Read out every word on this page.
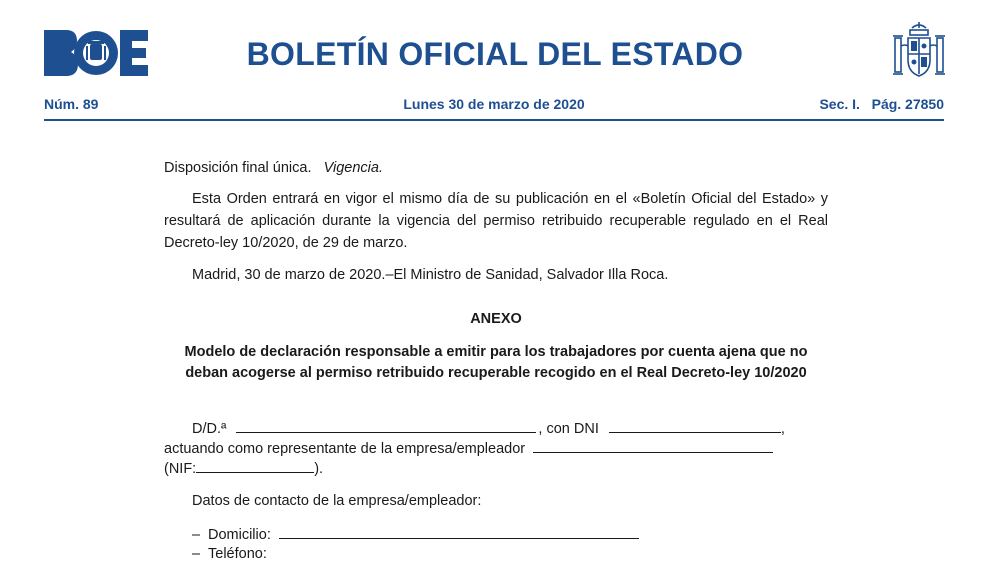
BOLETÍN OFICIAL DEL ESTADO
Núm. 89	Lunes 30 de marzo de 2020	Sec. I.   Pág. 27850
Disposición final única. Vigencia.
Esta Orden entrará en vigor el mismo día de su publicación en el «Boletín Oficial del Estado» y resultará de aplicación durante la vigencia del permiso retribuido recuperable regulado en el Real Decreto-ley 10/2020, de 29 de marzo.
Madrid, 30 de marzo de 2020.–El Ministro de Sanidad, Salvador Illa Roca.
ANEXO
Modelo de declaración responsable a emitir para los trabajadores por cuenta ajena que no deban acogerse al permiso retribuido recuperable recogido en el Real Decreto-ley 10/2020
D/D.ª	, con DNI	,
actuando como representante de la empresa/empleador
(NIF:	).
Datos de contacto de la empresa/empleador:
– Domicilio:
– Teléfono:
